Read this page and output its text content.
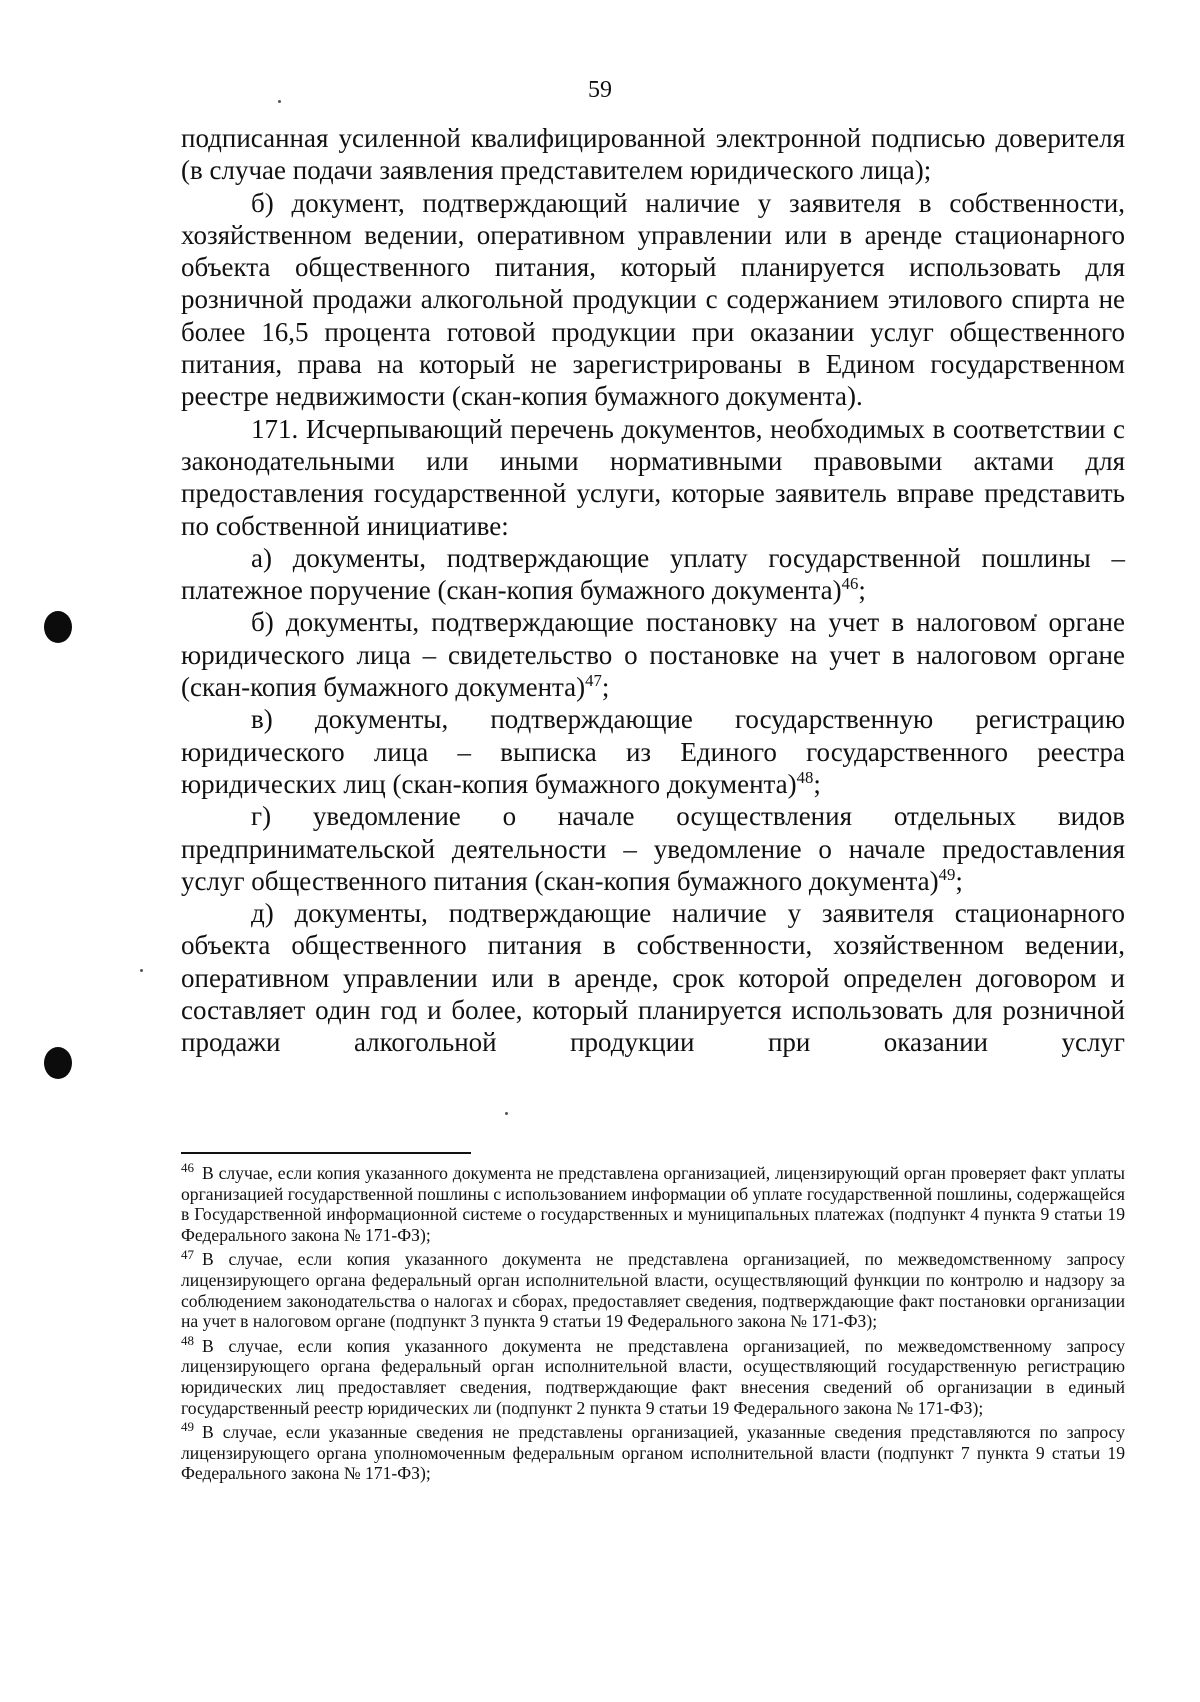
59

подписанная усиленной квалифицированной электронной подписью доверителя (в случае подачи заявления представителем юридического лица);

б) документ, подтверждающий наличие у заявителя в собственности, хозяйственном ведении, оперативном управлении или в аренде стационарного объекта общественного питания, который планируется использовать для розничной продажи алкогольной продукции с содержанием этилового спирта не более 16,5 процента готовой продукции при оказании услуг общественного питания, права на который не зарегистрированы в Едином государственном реестре недвижимости (скан-копия бумажного документа).

171. Исчерпывающий перечень документов, необходимых в соответствии с законодательными или иными нормативными правовыми актами для предоставления государственной услуги, которые заявитель вправе представить по собственной инициативе:

а) документы, подтверждающие уплату государственной пошлины – платежное поручение (скан-копия бумажного документа)$^{46}$;

б) документы, подтверждающие постановку на учет в налоговом органе юридического лица – свидетельство о постановке на учет в налоговом органе (скан-копия бумажного документа)$^{47}$;

в) документы, подтверждающие государственную регистрацию юридического лица – выписка из Единого государственного реестра юридических лиц (скан-копия бумажного документа)$^{48}$;

г) уведомление о начале осуществления отдельных видов предпринимательской деятельности – уведомление о начале предоставления услуг общественного питания (скан-копия бумажного документа)$^{49}$;

д) документы, подтверждающие наличие у заявителя стационарного объекта общественного питания в собственности, хозяйственном ведении, оперативном управлении или в аренде, срок которой определен договором и составляет один год и более, который планируется использовать для розничной продажи алкогольной продукции при оказании услуг

$^{46}$ В случае, если копия указанного документа не представлена организацией, лицензирующий орган проверяет факт уплаты организацией государственной пошлины с использованием информации об уплате государственной пошлины, содержащейся в Государственной информационной системе о государственных и муниципальных платежах (подпункт 4 пункта 9 статьи 19 Федерального закона № 171-ФЗ);

$^{47}$ В случае, если копия указанного документа не представлена организацией, по межведомственному запросу лицензирующего органа федеральный орган исполнительной власти, осуществляющий функции по контролю и надзору за соблюдением законодательства о налогах и сборах, предоставляет сведения, подтверждающие факт постановки организации на учет в налоговом органе (подпункт 3 пункта 9 статьи 19 Федерального закона № 171-ФЗ);

$^{48}$ В случае, если копия указанного документа не представлена организацией, по межведомственному запросу лицензирующего органа федеральный орган исполнительной власти, осуществляющий государственную регистрацию юридических лиц предоставляет сведения, подтверждающие факт внесения сведений об организации в единый государственный реестр юридических ли (подпункт 2 пункта 9 статьи 19 Федерального закона № 171-ФЗ);

$^{49}$ В случае, если указанные сведения не представлены организацией, указанные сведения представляются по запросу лицензирующего органа уполномоченным федеральным органом исполнительной власти (подпункт 7 пункта 9 статьи 19 Федерального закона № 171-ФЗ);
